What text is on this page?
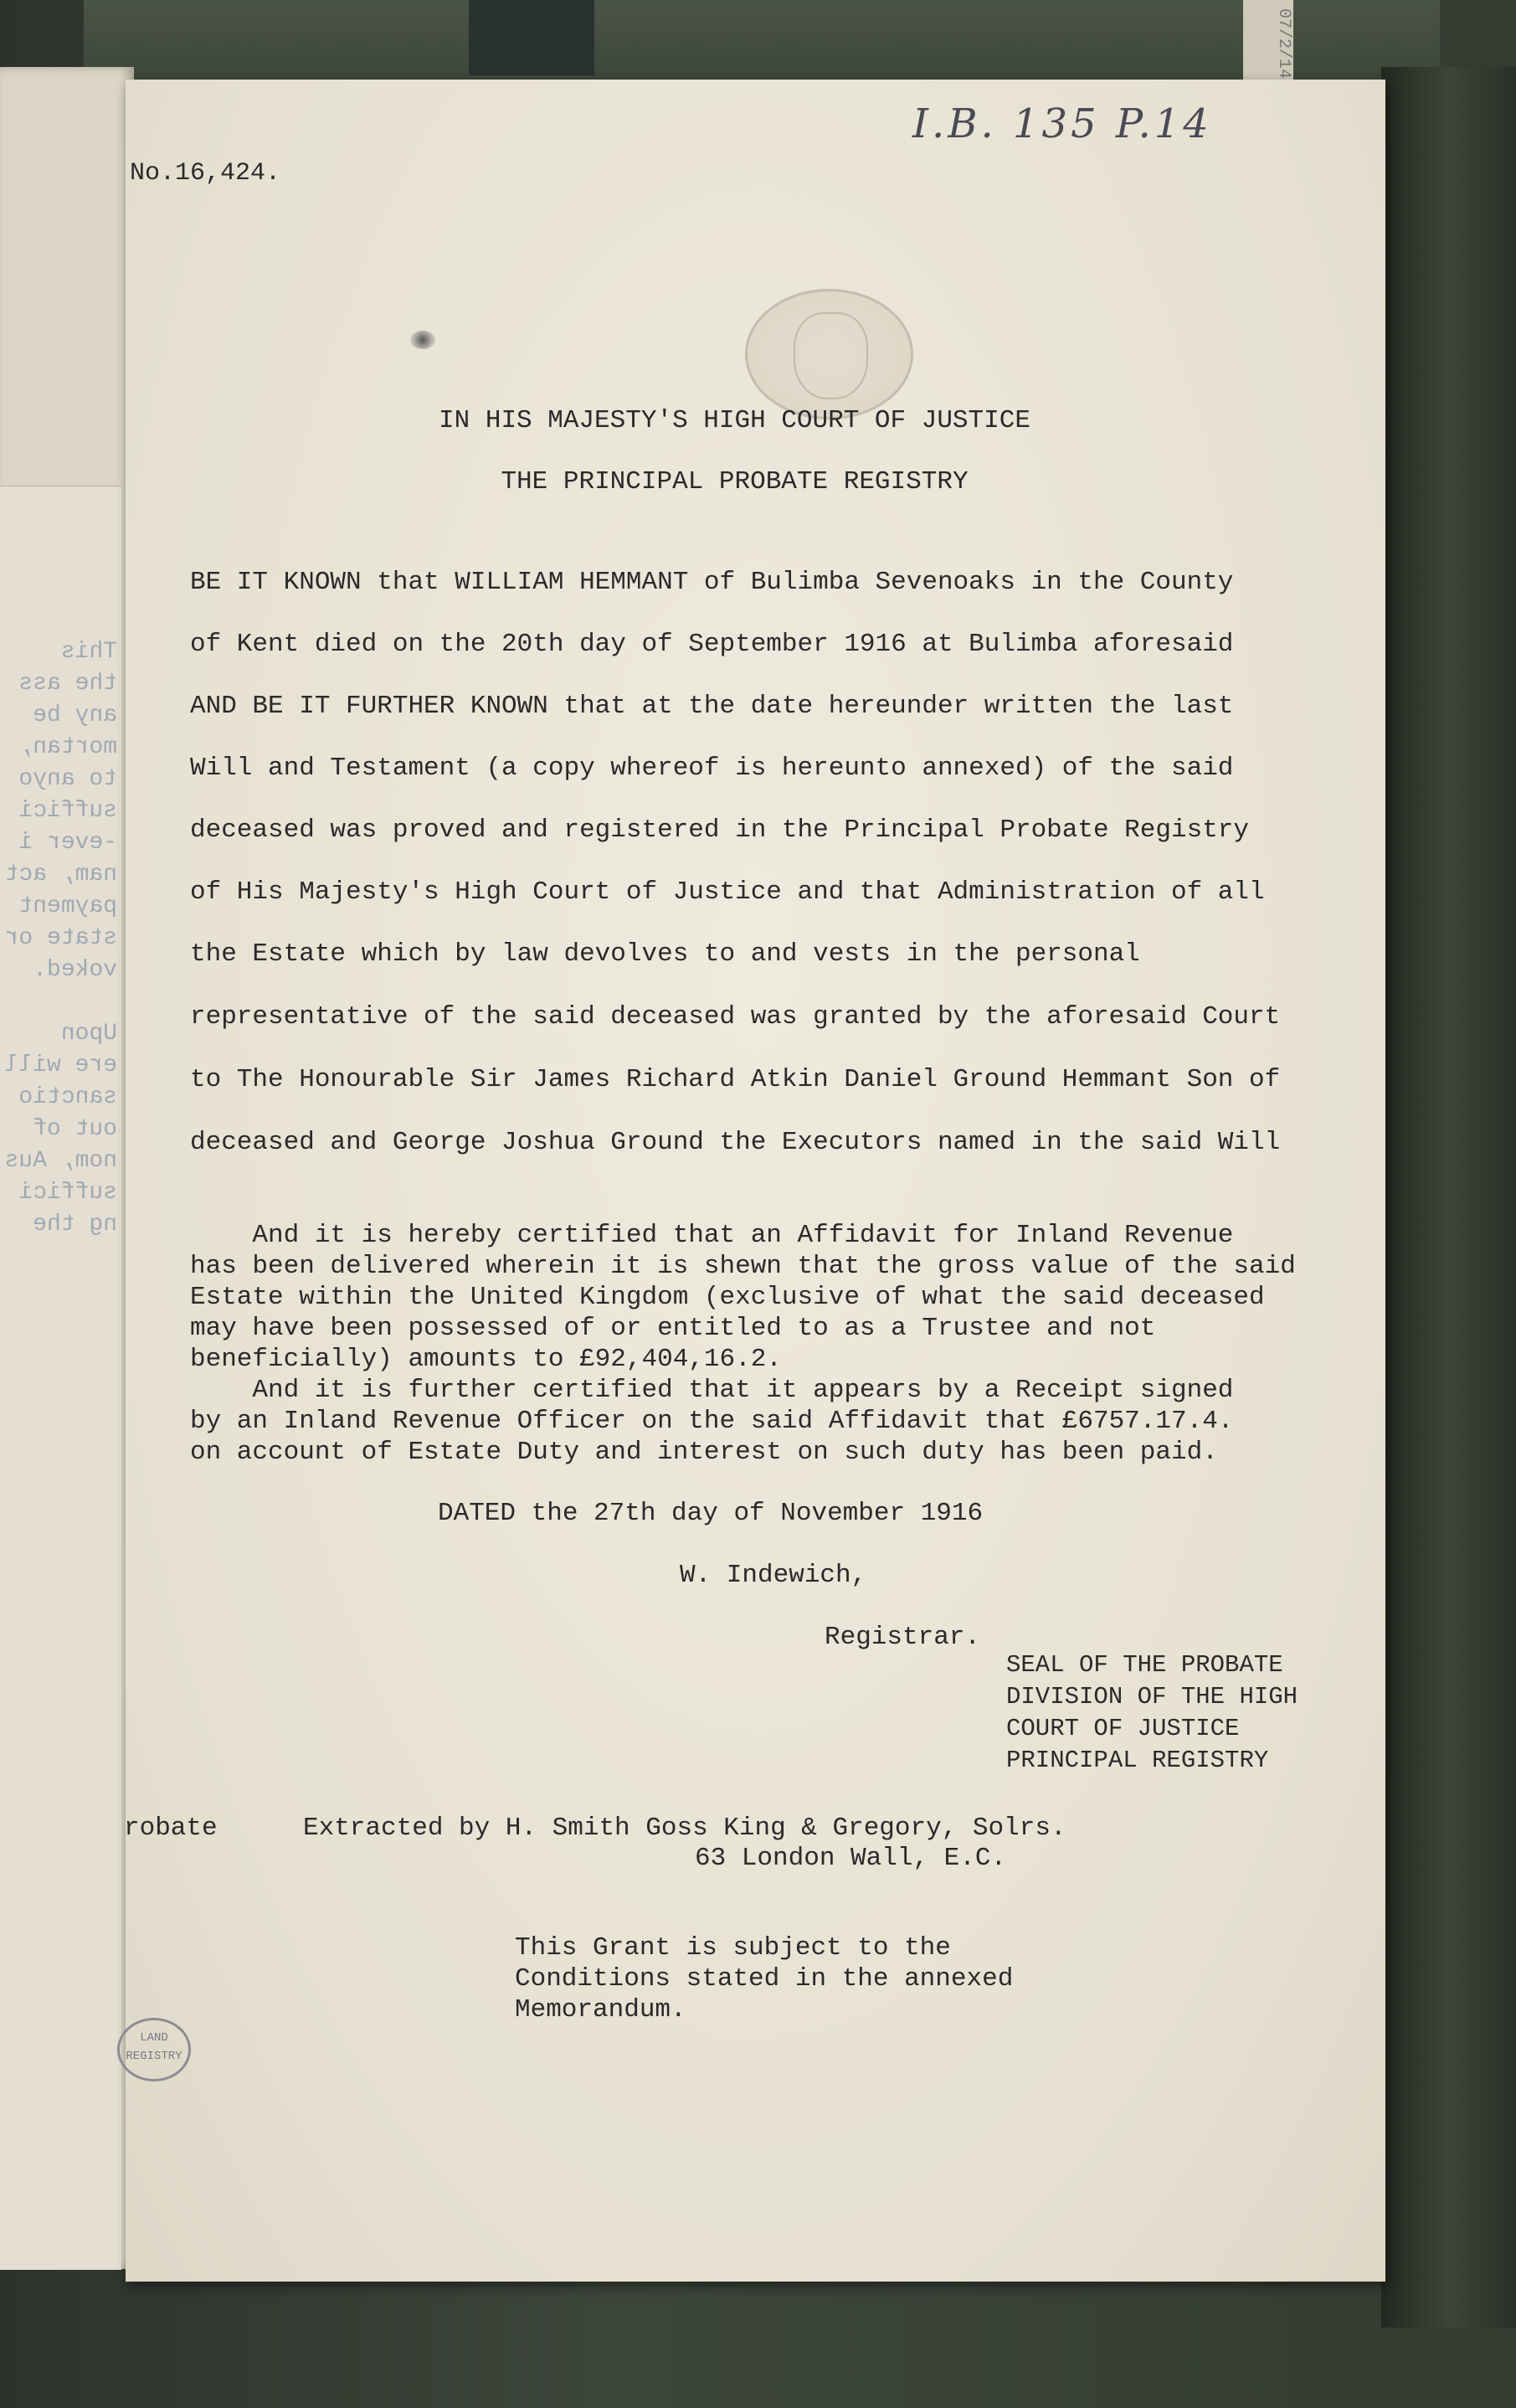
07/2/14
This
the ass
any be
mortan,
to anyo
suffici
-ever i
nam, act
payment
state or
voked.

Upon
ere will
sanctio
out of
nom, Aus
suffici
ng the
I.B. 135 P.14
No.16,424.
IN HIS MAJESTY'S HIGH COURT OF JUSTICE
THE PRINCIPAL PROBATE REGISTRY
BE IT KNOWN that WILLIAM HEMMANT of Bulimba Sevenoaks in the County
of Kent died on the 20th day of September 1916 at Bulimba aforesaid
AND BE IT FURTHER KNOWN that at the date hereunder written the last
Will and Testament (a copy whereof is hereunto annexed) of the said
deceased was proved and registered in the Principal Probate Registry
of His Majesty's High Court of Justice and that Administration of all
the Estate which by law devolves to and vests in the personal
representative of the said deceased was granted by the aforesaid Court
to The Honourable Sir James Richard Atkin Daniel Ground Hemmant Son of
deceased and George Joshua Ground the Executors named in the said Will
And it is hereby certified that an Affidavit for Inland Revenue
has been delivered wherein it is shewn that the gross value of the said
Estate within the United Kingdom (exclusive of what the said deceased
may have been possessed of or entitled to as a Trustee and not
beneficially) amounts to £92,404,16.2.
And it is further certified that it appears by a Receipt signed
by an Inland Revenue Officer on the said Affidavit that £6757.17.4.
on account of Estate Duty and interest on such duty has been paid.
DATED the 27th day of November 1916
W. Indewich,
Registrar.
SEAL OF THE PROBATE
DIVISION OF THE HIGH
COURT OF JUSTICE
PRINCIPAL REGISTRY
robate	Extracted by H. Smith Goss King & Gregory, Solrs.
63 London Wall, E.C.
This Grant is subject to the
Conditions stated in the annexed
Memorandum.
LAND REGISTRY
